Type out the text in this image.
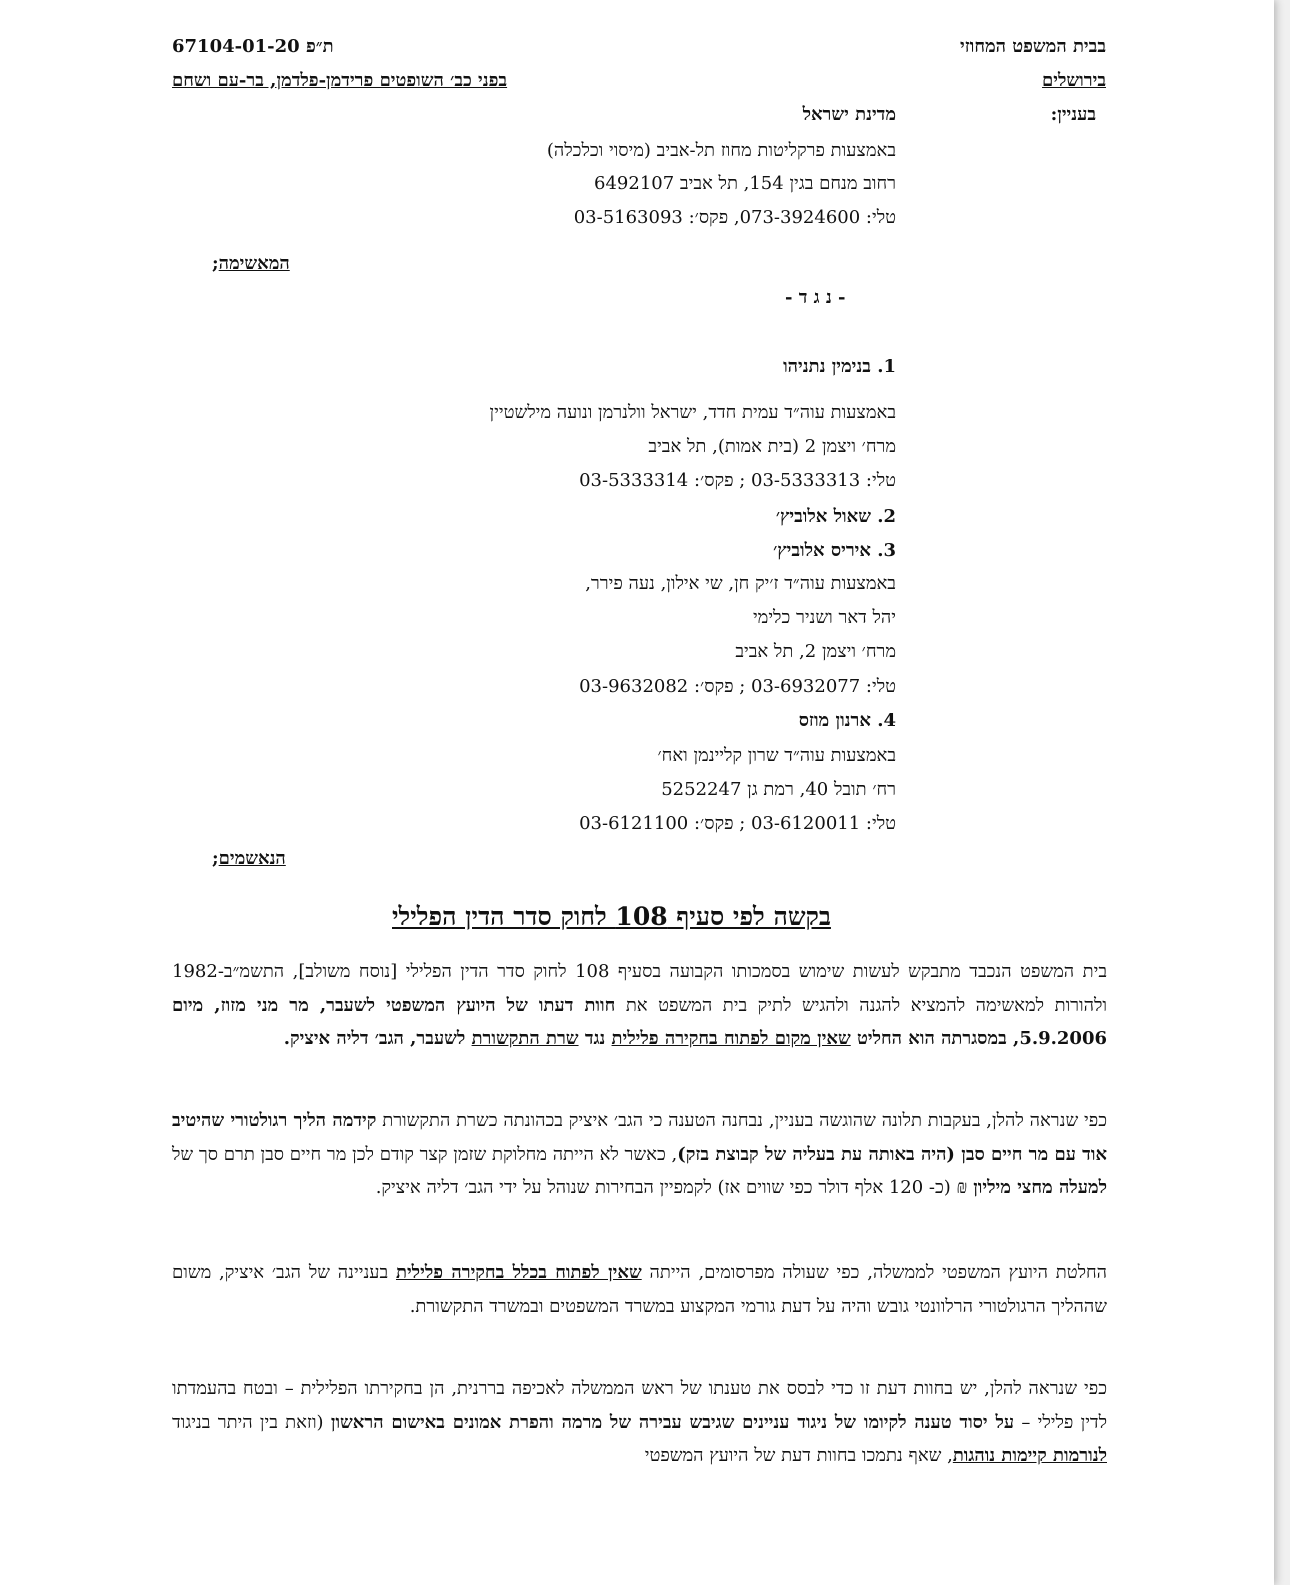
בבית המשפט המחוזי
בירושלים
ת״פ 67104-01-20
בפני כב׳ השופטים פרידמן-פלדמן, בר-עם ושחם
בעניין:
מדינת ישראל
באמצעות פרקליטות מחוז תל-אביב (מיסוי וכלכלה)
רחוב מנחם בגין 154, תל אביב 6492107
טלי: 073-3924600, פקס׳: 03-5163093
המאשימה;
- נ ג ד -
1. בנימין נתניהו
באמצעות עוה״ד עמית חדד, ישראל וולנרמן ונועה מילשטיין
מרח׳ ויצמן 2 (בית אמות), תל אביב
טלי: 03-5333313 ; פקס׳: 03-5333314
2. שאול אלוביץ׳
3. איריס אלוביץ׳
באמצעות עוה״ד ז׳יק חן, שי אילון, נעה פירר,
יהל דאר ושניר כלימי
מרח׳ ויצמן 2, תל אביב
טלי: 03-6932077 ; פקס׳: 03-9632082
4. ארנון מוזס
באמצעות עוה״ד שרון קליינמן ואח׳
רח׳ תובל 40, רמת גן 5252247
טלי: 03-6120011 ; פקס׳: 03-6121100
הנאשמים;
בקשה לפי סעיף 108 לחוק סדר הדין הפלילי

בית המשפט הנכבד מתבקש לעשות שימוש בסמכותו הקבועה בסעיף 108 לחוק סדר הדין הפלילי [נוסח משולב], התשמ״ב-1982 ולהורות למאשימה להמציא להגנה ולהגיש לתיק בית המשפט את חוות דעתו של היועץ המשפטי לשעבר, מר מני מזוז, מיום 5.9.2006, במסגרתה הוא החליט שאין מקום לפתוח בחקירה פלילית נגד שרת התקשורת לשעבר, הגב׳ דליה איציק.

כפי שנראה להלן, בעקבות תלונה שהוגשה בעניין, נבחנה הטענה כי הגב׳ איציק בכהונתה כשרת התקשורת קידמה הליך רגולטורי שהיטיב אוד עם מר חיים סבן (היה באותה עת בעליה של קבוצת בזק), כאשר לא הייתה מחלוקת שזמן קצר קודם לכן מר חיים סבן תרם סך של למעלה מחצי מיליון ₪ (כ- 120 אלף דולר כפי שווים אז) לקמפיין הבחירות שנוהל על ידי הגב׳ דליה איציק.

החלטת היועץ המשפטי לממשלה, כפי שעולה מפרסומים, הייתה שאין לפתוח בכלל בחקירה פלילית בעניינה של הגב׳ איציק, משום שההליך הרגולטורי הרלוונטי גובש והיה על דעת גורמי המקצוע במשרד המשפטים ובמשרד התקשורת.

כפי שנראה להלן, יש בחוות דעת זו כדי לבסס את טענתו של ראש הממשלה לאכיפה בררנית, הן בחקירתו הפלילית – ובטח בהעמדתו לדין פלילי – על יסוד טענה לקיומו של ניגוד עניינים שגיבש עבירה של מרמה והפרת אמונים באישום הראשון (וזאת בין היתר בניגוד לנורמות קיימות נוהגות, שאף נתמכו בחוות דעת של היועץ המשפטי
